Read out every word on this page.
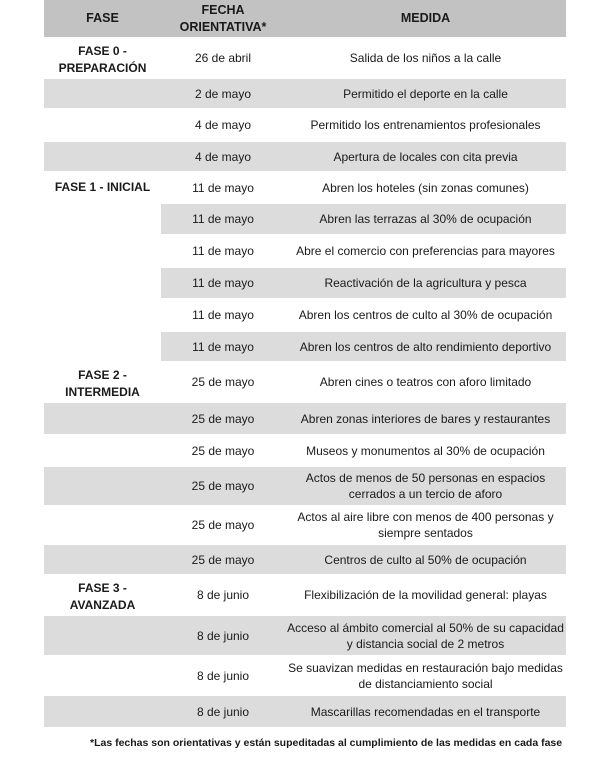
FASE	FECHA ORIENTATIVA*	MEDIDA
FASE 0 - PREPARACIÓN	26 de abril	Salida de los niños a la calle
	2 de mayo	Permitido el deporte en la calle
	4 de mayo	Permitido los entrenamientos profesionales
	4 de mayo	Apertura de locales con cita previa
FASE 1 - INICIAL	11 de mayo	Abren los hoteles (sin zonas comunes)
	11 de mayo	Abren las terrazas al 30% de ocupación
	11 de mayo	Abre el comercio con preferencias para mayores
	11 de mayo	Reactivación de la agricultura y pesca
	11 de mayo	Abren los centros de culto al 30% de ocupación
	11 de mayo	Abren los centros de alto rendimiento deportivo
FASE 2 - INTERMEDIA	25 de mayo	Abren cines o teatros con aforo limitado
	25 de mayo	Abren zonas interiores de bares y restaurantes
	25 de mayo	Museos y monumentos al 30% de ocupación
	25 de mayo	Actos de menos de 50 personas en espacios cerrados a un tercio de aforo
	25 de mayo	Actos al aire libre con menos de 400 personas y siempre sentados
	25 de mayo	Centros de culto al 50% de ocupación
FASE 3 - AVANZADA	8 de junio	Flexibilización de la movilidad general: playas
	8 de junio	Acceso al ámbito comercial al 50% de su capacidad y distancia social de 2 metros
	8 de junio	Se suavizan medidas en restauración bajo medidas de distanciamiento social
	8 de junio	Mascarillas recomendadas en el transporte
*Las fechas son orientativas y están supeditadas al cumplimiento de las medidas en cada fase
